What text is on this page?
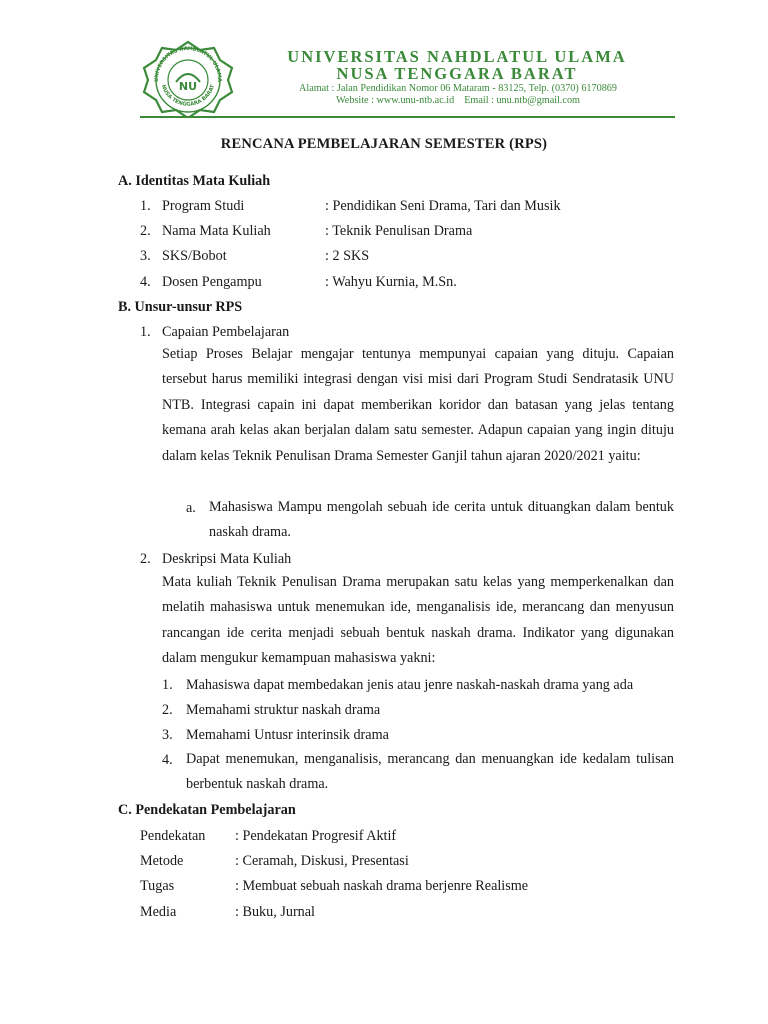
UNIVERSITAS NAHDLATUL ULAMA
NUSA TENGGARA BARAT
NU
UNIVERSITAS NAHDLATUL ULAMA
NUSA TENGGARA BARAT
Alamat : Jalan Pendidikan Nomor 06 Mataram - 83125, Telp. (0370) 6170869
Website : www.unu-ntb.ac.id Email : unu.ntb@gmail.com
RENCANA PEMBELAJARAN SEMESTER (RPS)
A. Identitas Mata Kuliah
1. Program Studi	: Pendidikan Seni Drama, Tari dan Musik
2. Nama Mata Kuliah	: Teknik Penulisan Drama
3. SKS/Bobot	: 2 SKS
4. Dosen Pengampu	: Wahyu Kurnia, M.Sn.
B. Unsur-unsur RPS
1. Capaian Pembelajaran

Setiap Proses Belajar mengajar tentunya mempunyai capaian yang dituju. Capaian tersebut harus memiliki integrasi dengan visi misi dari Program Studi Sendratasik UNU NTB. Integrasi capain ini dapat memberikan koridor dan batasan yang jelas tentang kemana arah kelas akan berjalan dalam satu semester. Adapun capaian yang ingin dituju dalam kelas Teknik Penulisan Drama Semester Ganjil tahun ajaran 2020/2021 yaitu:

a. Mahasiswa Mampu mengolah sebuah ide cerita untuk dituangkan dalam bentuk naskah drama.

2. Deskripsi Mata Kuliah

Mata kuliah Teknik Penulisan Drama merupakan satu kelas yang memperkenalkan dan melatih mahasiswa untuk menemukan ide, menganalisis ide, merancang dan menyusun rancangan ide cerita menjadi sebuah bentuk naskah drama. Indikator yang digunakan dalam mengukur kemampuan mahasiswa yakni:

1. Mahasiswa dapat membedakan jenis atau jenre naskah-naskah drama yang ada
2. Memahami struktur naskah drama
3. Memahami Untusr interinsik drama
4. Dapat menemukan, menganalisis, merancang dan menuangkan ide kedalam tulisan berbentuk naskah drama.

C. Pendekatan Pembelajaran
Pendekatan : Pendekatan Progresif Aktif
Metode	: Ceramah, Diskusi, Presentasi
Tugas	: Membuat sebuah naskah drama berjenre Realisme
Media	: Buku, Jurnal
